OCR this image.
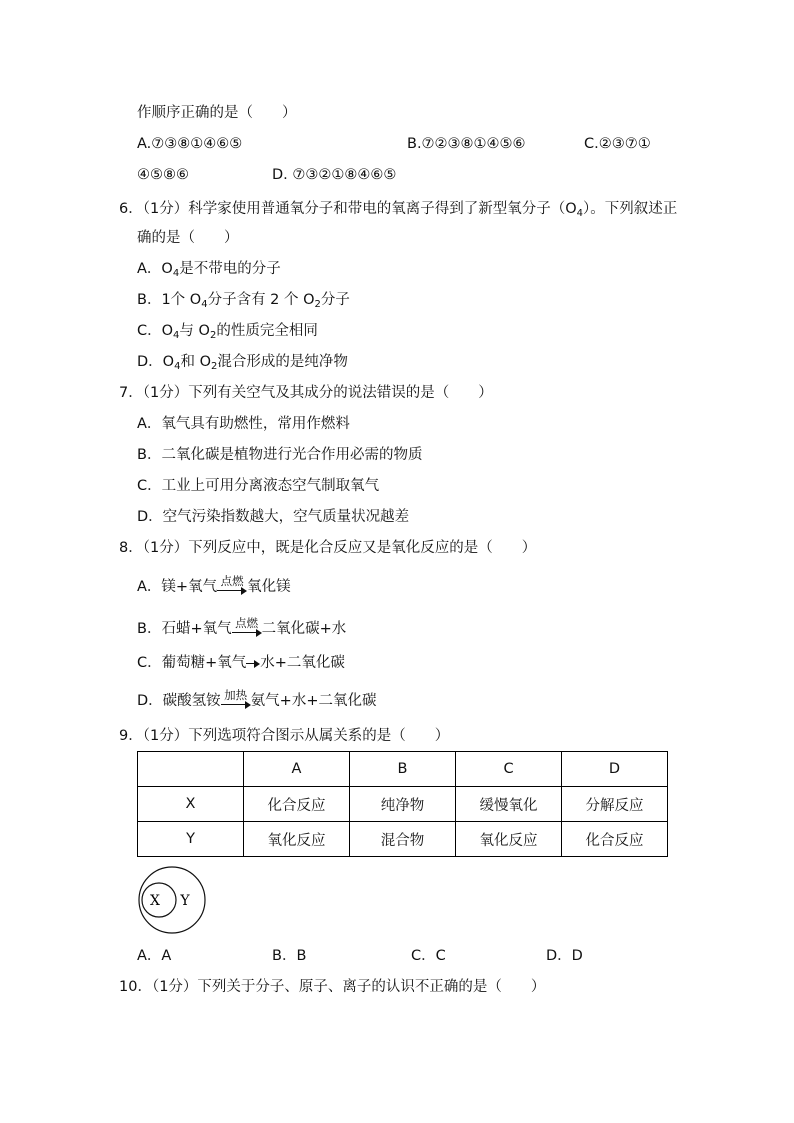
作顺序正确的是（　　）
A.⑦③⑧①④⑥⑤	B.⑦②③⑧①④⑤⑥	C.②③⑦①
④⑤⑧⑥	D. ⑦③②①⑧④⑥⑤
6．（1分）科学家使用普通氧分子和带电的氧离子得到了新型氧分子$(O_4)$。下列叙述正
确的是（　　）
A．$O_4$是不带电的分子
B．1个 $O_4$分子含有 2 个 $O_2$分子
C．$O_4$与 $O_2$的性质完全相同
D．$O_4$和 $O_2$混合形成的是纯净物
7．（1分）下列有关空气及其成分的说法错误的是（　　）
A．氧气具有助燃性，常用作燃料
B．二氧化碳是植物进行光合作用必需的物质
C．工业上可用分离液态空气制取氧气
D．空气污染指数越大，空气质量状况越差
8．（1分）下列反应中，既是化合反应又是氧化反应的是（　　）
A．镁+氧气 点燃 氧化镁
B．石蜡+氧气 点燃 二氧化碳+水
C．葡萄糖+氧气 水+二氧化碳
D．碳酸氢铵 加热 氨气+水+二氧化碳
9．（1分）下列选项符合图示从属关系的是（　　）
	A	B	C	D
X	化合反应	纯净物	缓慢氧化	分解反应
Y	氧化反应	混合物	氧化反应	化合反应
X Y
A．A	B．B	C．C	D．D
10．（1分）下列关于分子、原子、离子的认识不正确的是（　　）
